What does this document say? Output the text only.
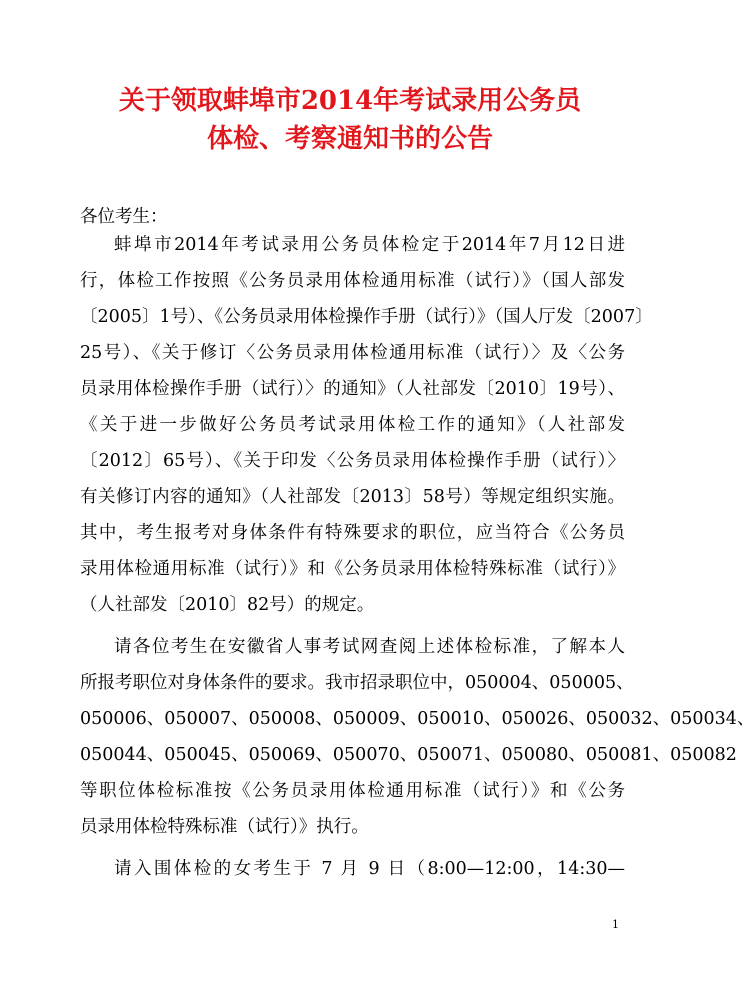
关于领取蚌埠市2014年考试录用公务员
体检、考察通知书的公告
各位考生：
蚌埠市2014年考试录用公务员体检定于2014年7月12日进
行，体检工作按照《公务员录用体检通用标准（试行）》（国人部发
〔2005〕1号）、《公务员录用体检操作手册（试行）》（国人厅发〔2007〕
25号）、《关于修订〈公务员录用体检通用标准（试行）〉及〈公务
员录用体检操作手册（试行）〉的通知》（人社部发〔2010〕19号）、
《关于进一步做好公务员考试录用体检工作的通知》（人社部发
〔2012〕65号）、《关于印发〈公务员录用体检操作手册（试行）〉
有关修订内容的通知》（人社部发〔2013〕58号）等规定组织实施。
其中，考生报考对身体条件有特殊要求的职位，应当符合《公务员
录用体检通用标准（试行）》和《公务员录用体检特殊标准（试行）》
（人社部发〔2010〕82号）的规定。
请各位考生在安徽省人事考试网查阅上述体检标准，了解本人
所报考职位对身体条件的要求。我市招录职位中，050004、050005、
050006、050007、050008、050009、050010、050026、050032、050034、
050044、050045、050069、050070、050071、050080、050081、050082
等职位体检标准按《公务员录用体检通用标准（试行）》和《公务
员录用体检特殊标准（试行）》执行。
请入围体检的女考生于 7 月 9 日（8:00—12:00，14:30—
1
